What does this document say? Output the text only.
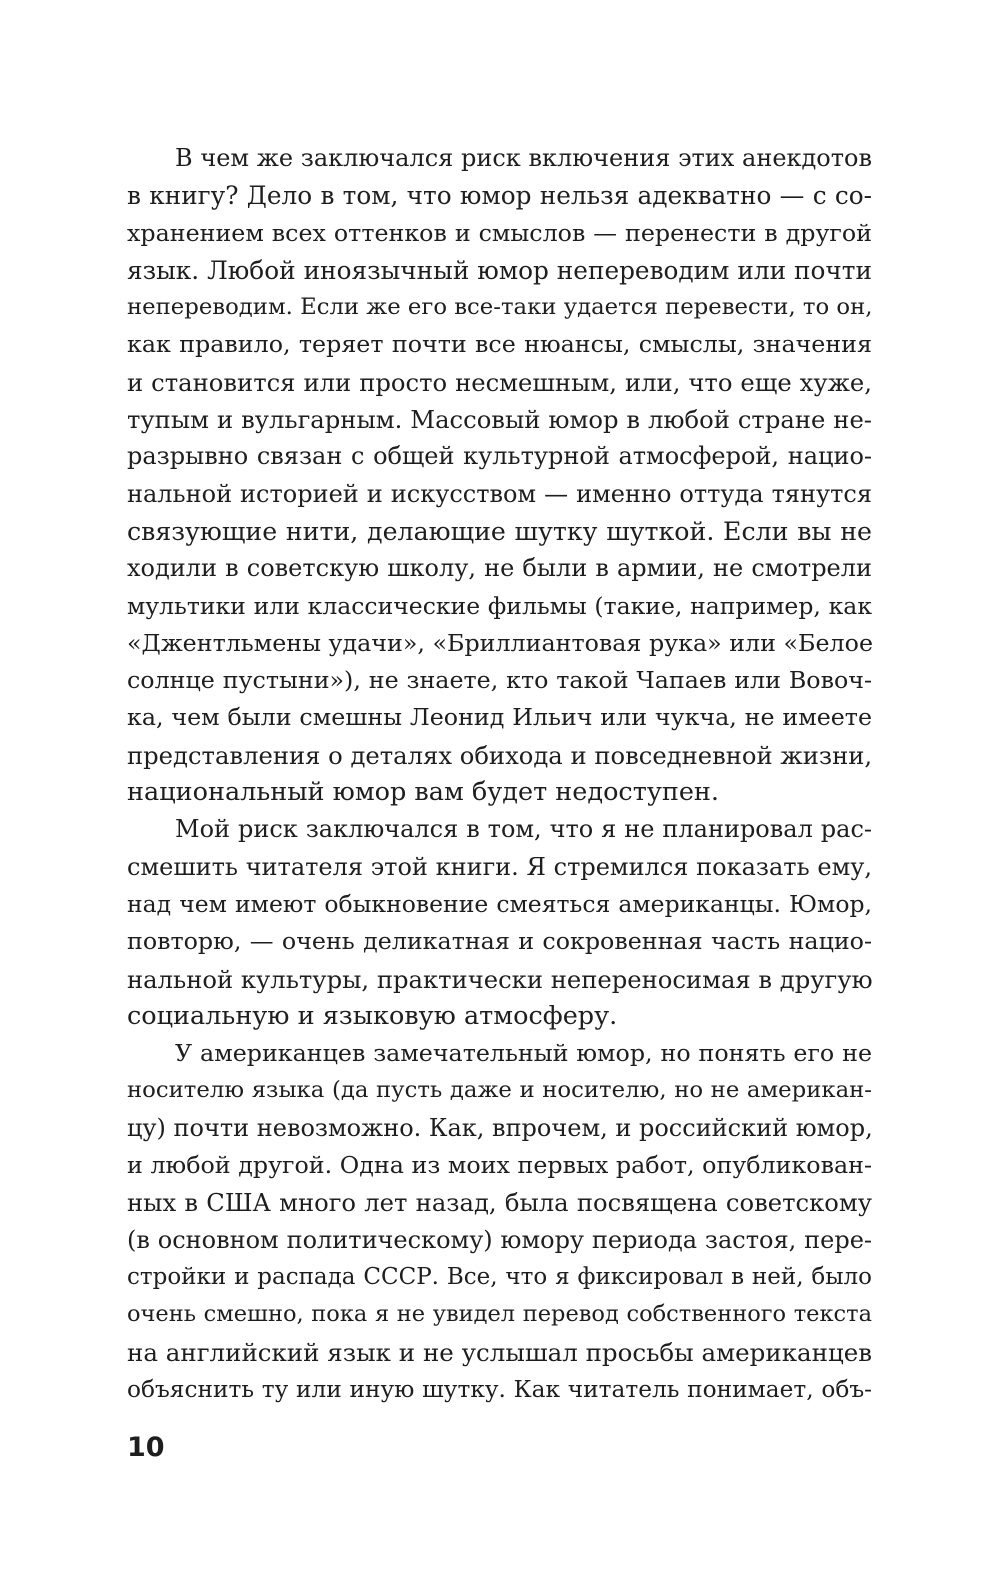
В чем же заключался риск включения этих анекдотов
в книгу? Дело в том, что юмор нельзя адекватно — с со-
хранением всех оттенков и смыслов — перенести в другой
язык. Любой иноязычный юмор непереводим или почти
непереводим. Если же его все-таки удается перевести, то он,
как правило, теряет почти все нюансы, смыслы, значения
и становится или просто несмешным, или, что еще хуже,
тупым и вульгарным. Массовый юмор в любой стране не-
разрывно связан с общей культурной атмосферой, нацио-
нальной историей и искусством — именно оттуда тянутся
связующие нити, делающие шутку шуткой. Если вы не
ходили в советскую школу, не были в армии, не смотрели
мультики или классические фильмы (такие, например, как
«Джентльмены удачи», «Бриллиантовая рука» или «Белое
солнце пустыни»), не знаете, кто такой Чапаев или Вовоч-
ка, чем были смешны Леонид Ильич или чукча, не имеете
представления о деталях обихода и повседневной жизни,
национальный юмор вам будет недоступен.
Мой риск заключался в том, что я не планировал рас-
смешить читателя этой книги. Я стремился показать ему,
над чем имеют обыкновение смеяться американцы. Юмор,
повторю, — очень деликатная и сокровенная часть нацио-
нальной культуры, практически непереносимая в другую
социальную и языковую атмосферу.
У американцев замечательный юмор, но понять его не
носителю языка (да пусть даже и носителю, но не американ-
цу) почти невозможно. Как, впрочем, и российский юмор,
и любой другой. Одна из моих первых работ, опубликован-
ных в США много лет назад, была посвящена советскому
(в основном политическому) юмору периода застоя, пере-
стройки и распада СССР. Все, что я фиксировал в ней, было
очень смешно, пока я не увидел перевод собственного текста
на английский язык и не услышал просьбы американцев
объяснить ту или иную шутку. Как читатель понимает, объ-
10
